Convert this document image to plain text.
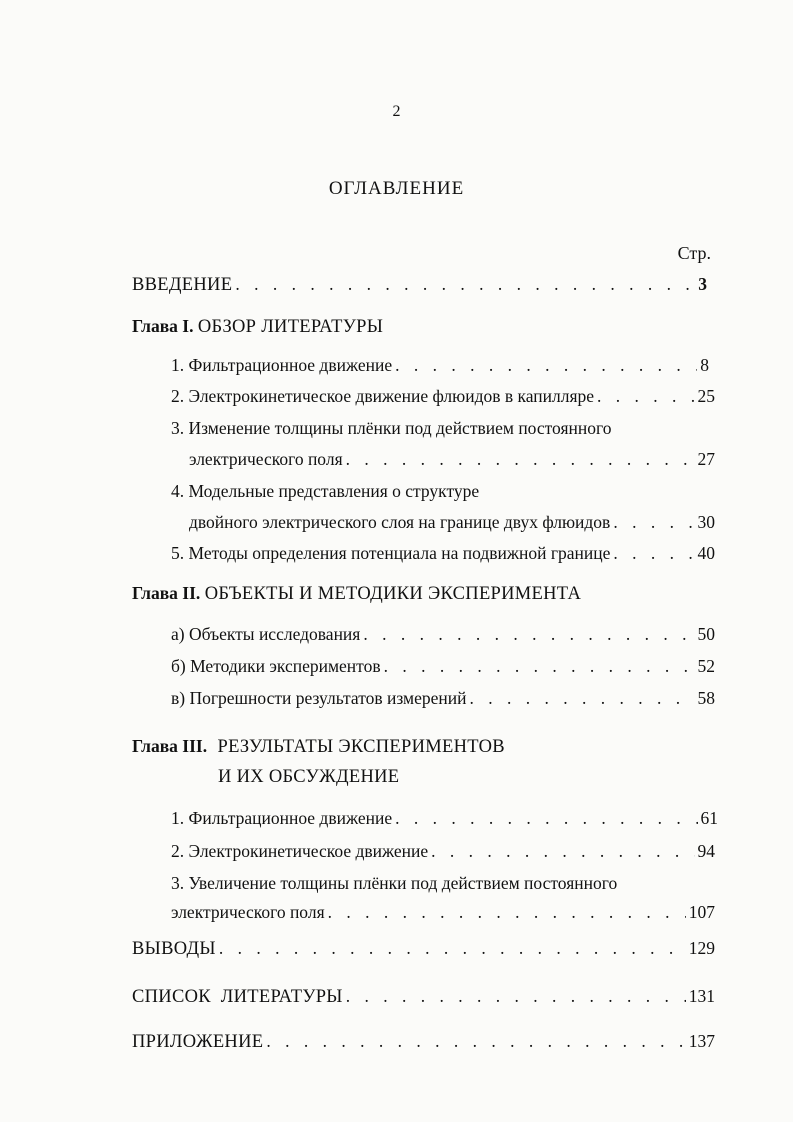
2
ОГЛАВЛЕНИЕ
Стр.
ВВЕДЕНИЕ . . .	3
Глава I. ОБЗОР ЛИТЕРАТУРЫ
1. Фильтрационное движение . . .	8
2. Электрокинетическое движение флюидов в капилляре . . .	25
3. Изменение толщины плёнки под действием постоянного
электрического поля . . .	27
4. Модельные представления о структуре
двойного электрического слоя на границе двух флюидов . . .	30
5. Методы определения потенциала на подвижной границе . . .	40
Глава II. ОБЪЕКТЫ И МЕТОДИКИ ЭКСПЕРИМЕНТА
а) Объекты исследования . . .	50
б) Методики экспериментов . . .	52
в) Погрешности результатов измерений . . .	58
Глава III. РЕЗУЛЬТАТЫ ЭКСПЕРИМЕНТОВ
И ИХ ОБСУЖДЕНИЕ
1. Фильтрационное движение . . .	61
2. Электрокинетическое движение . . .	94
3. Увеличение толщины плёнки под действием постоянного
электрического поля . . .	107
ВЫВОДЫ . . .	129
СПИСОК  ЛИТЕРАТУРЫ . . .	131
ПРИЛОЖЕНИЕ . . .	137
